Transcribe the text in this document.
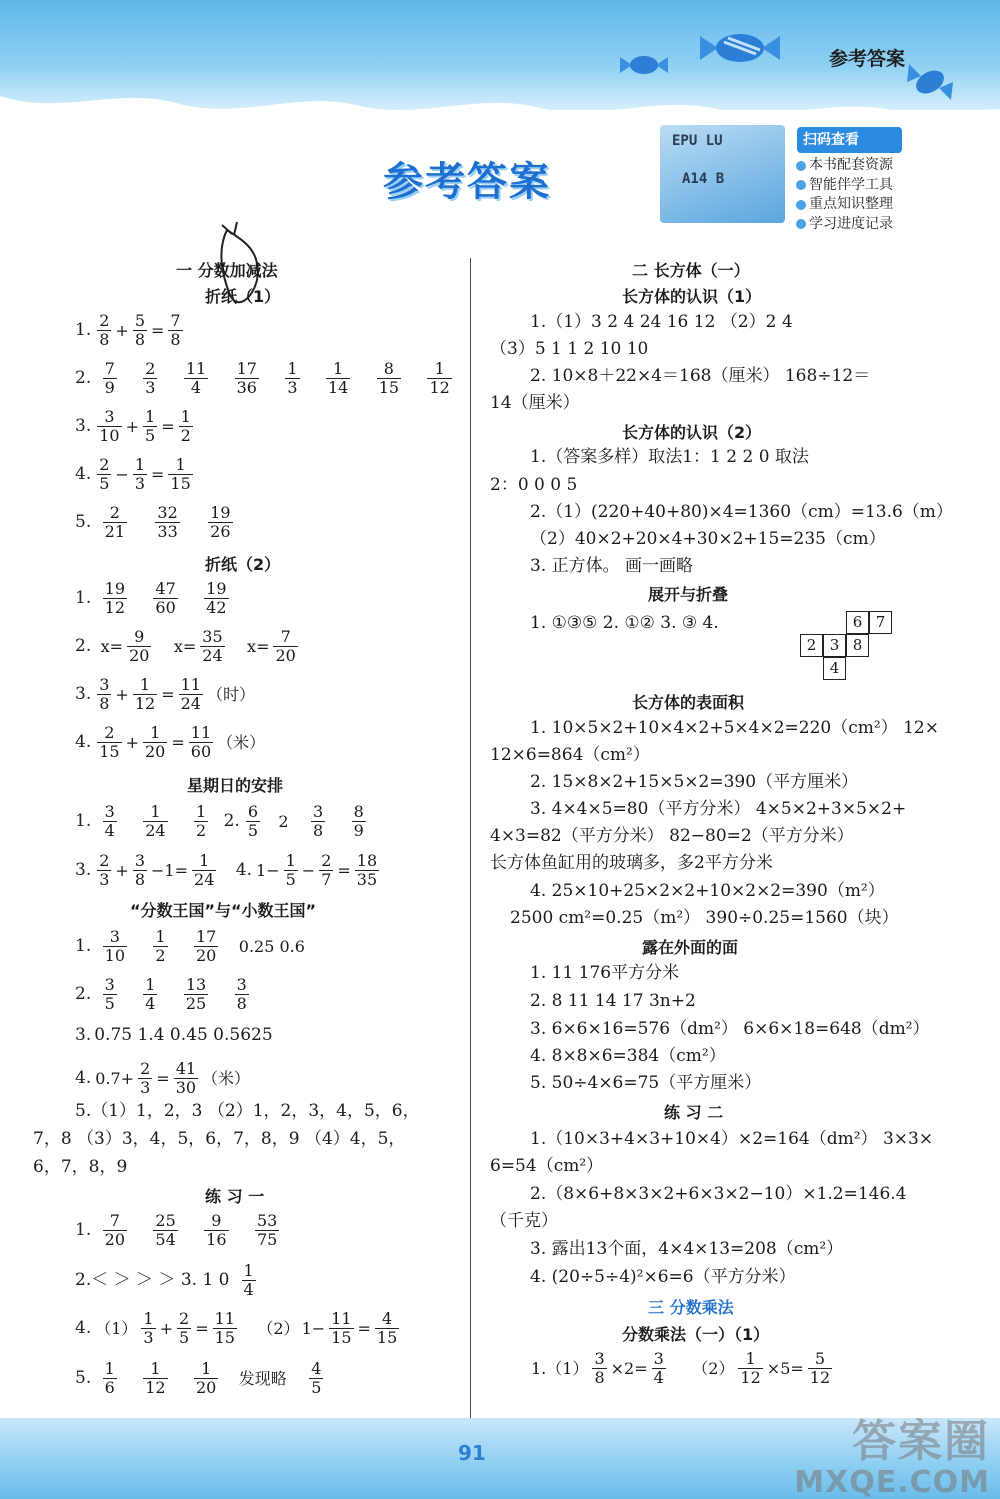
参考答案
参考答案
EPU LU
A14 B
扫码查看
本书配套资源
智能伴学工具
重点知识整理
学习进度记录
一 分数加减法
折纸（1）
1. $\frac{2}{8} + \frac{5}{8} = \frac{7}{8}$
2. $\frac{7}{9}$
$\frac{2}{3}$
$\frac{11}{4}$
$\frac{17}{36}$
$\frac{1}{3}$
$\frac{1}{14}$
$\frac{8}{15}$
$\frac{1}{12}$
3. $\frac{3}{10} + \frac{1}{5} = \frac{1}{2}$
4. $\frac{2}{5} - \frac{1}{3} = \frac{1}{15}$
5. $\frac{2}{21}$
$\frac{32}{33}$
$\frac{19}{26}$
折纸（2）
1. $\frac{19}{12}$
$\frac{47}{60}$
$\frac{19}{42}$
2. $x= \frac{9}{20} x= \frac{35}{24} x= \frac{7}{20}$
3. $\frac{3}{8} + \frac{1}{12} = \frac{11}{24}$ （时）
4. $\frac{2}{15} + \frac{1}{20} = \frac{11}{60}$ （米）
星期日的安排
1. $\frac{3}{4}$
$\frac{1}{24}$
$\frac{1}{2} 2$. $\frac{6}{5} 2 \frac{3}{8}$
$\frac{8}{9}$
3. $\frac{2}{3} + \frac{3}{8} -1= \frac{1}{24} 4$. $1- \frac{1}{5} - \frac{2}{7} = \frac{18}{35}$
“分数王国”与“小数王国”
1. $\frac{3}{10}$
$\frac{1}{2}$
$\frac{17}{20} 0.25$ 0.6
2. $\frac{3}{5}$
$\frac{1}{4}$
$\frac{13}{25}$
$\frac{3}{8}$
3. 0.75 1.4 0.45 0.5625
4. $0.7+ \frac{2}{3} = \frac{41}{30}$ （米）
5.（1）1，2，3 （2）1，2，3，4，5，6，
7，8 （3）3，4，5，6，7，8，9 （4）4，5，
6，7，8，9
练 习 一
1. $\frac{7}{20}$
$\frac{25}{54}$
$\frac{9}{16}$
$\frac{53}{75}$
2.＜ ＞ ＞ ＞ 3. 1 $0 \frac{1}{4}$
4. $(1) \frac{1}{3} + \frac{2}{5} = \frac{11}{15} (2)$ $1- \frac{11}{15} = \frac{4}{15}$
5. $\frac{1}{6}$
$\frac{1}{12}$
$\frac{1}{20}$ 发现略 $\frac{4}{5}$
二 长方体（一）
长方体的认识（1）
1.（1）3 2 4 24 16 12 （2）2 4
（3）5 1 1 2 10 10
2. 10×8＋22×4＝168（厘米） 168÷12＝
14（厘米）
长方体的认识（2）
1.（答案多样）取法1：1 2 2 0 取法
2：0 0 0 5
2.（1）(220+40+80)×4=1360（cm）=13.6（m）
（2）40×2+20×4+30×2+15=235（cm）
3. 正方体。 画一画略
展开与折叠
1. ①③⑤ 2. ①② 3. ③ 4.	6 7
2 3 8
4
长方体的表面积
1. 10×5×2+10×4×2+5×4×2=220（cm²） 12×
12×6=864（cm²）
2. 15×8×2+15×5×2=390（平方厘米）
3. 4×4×5=80（平方分米） 4×5×2+3×5×2+
4×3=82（平方分米） 82−80=2（平方分米）
长方体鱼缸用的玻璃多，多2平方分米
4. 25×10+25×2×2+10×2×2=390（m²）
2500 cm²=0.25（m²） 390÷0.25=1560（块）
露在外面的面
1. 11 176平方分米
2. 8 11 14 17 3n+2
3. 6×6×16=576（dm²） 6×6×18=648（dm²）
4. 8×8×6=384（cm²）
5. 50÷4×6=75（平方厘米）
练 习 二
1.（10×3+4×3+10×4）×2=164（dm²） 3×3×
6=54（cm²）
2.（8×6+8×3×2+6×3×2−10）×1.2=146.4
（千克）
3. 露出13个面，4×4×13=208（cm²）
4. (20÷5÷4)²×6=6（平方分米）
三 分数乘法
分数乘法（一）（1）
$1.(1) \frac{3}{8} \times 2= \frac{3}{4} (2) \frac{1}{12} \times 5= \frac{5}{12}$
91	答案圈
MXQE.COM
